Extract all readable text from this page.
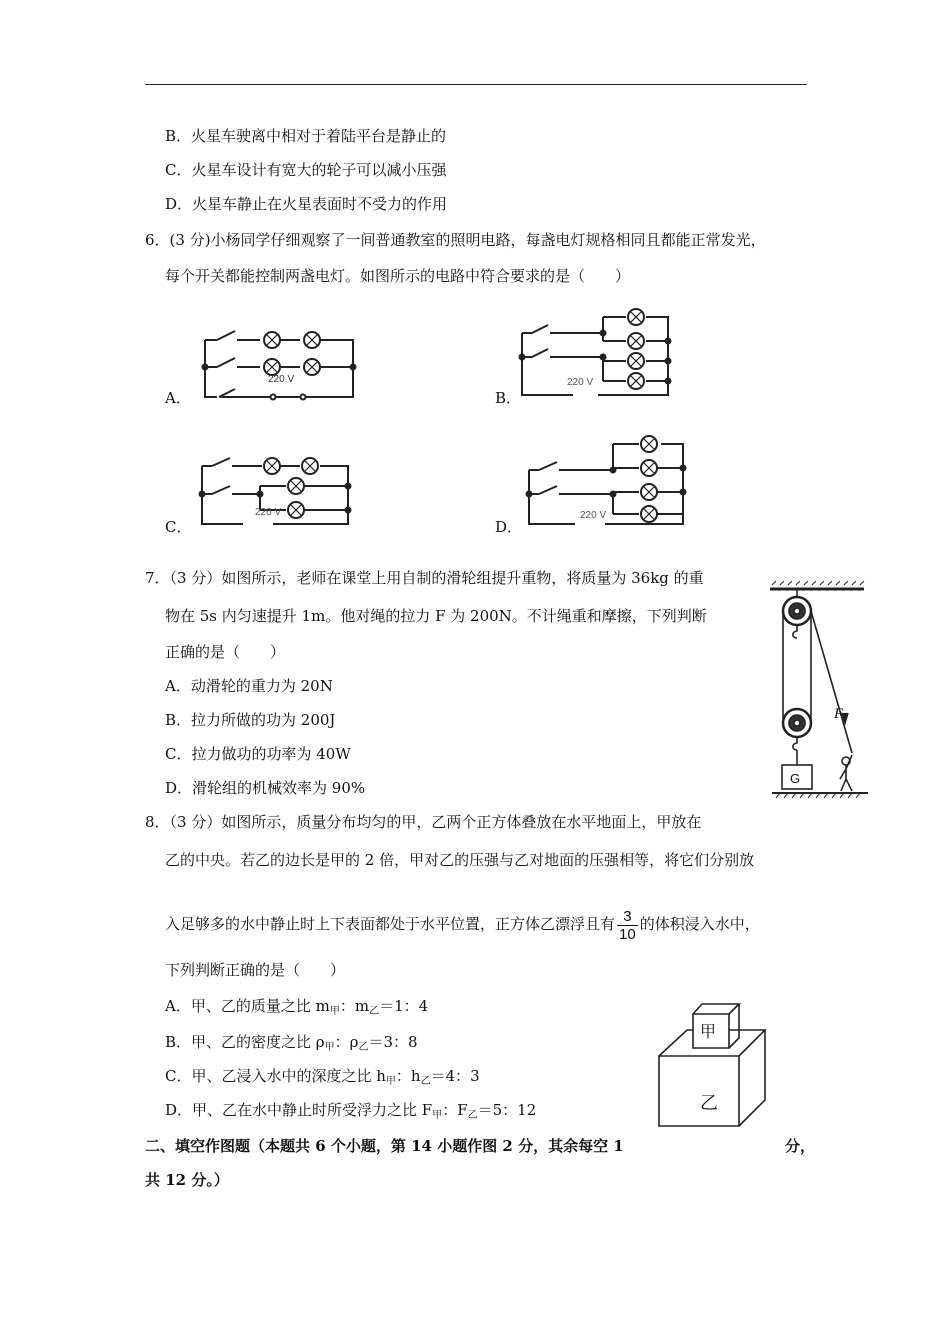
B．火星车驶离中相对于着陆平台是静止的
C．火星车设计有宽大的轮子可以减小压强
D．火星车静止在火星表面时不受力的作用
6．(3 分)小杨同学仔细观察了一间普通教室的照明电路，每盏电灯规格相同且都能正常发光，
每个开关都能控制两盏电灯。如图所示的电路中符合要求的是（　　）
A．	B．
C．	D．
220 V	220 V
220 V	220 V
7．（3 分）如图所示，老师在课堂上用自制的滑轮组提升重物，将质量为 36kg 的重
物在 5s 内匀速提升 1m。他对绳的拉力 F 为 200N。不计绳重和摩擦，下列判断
正确的是（　　）
A．动滑轮的重力为 20N
B．拉力所做的功为 200J
C．拉力做功的功率为 40W
D．滑轮组的机械效率为 90%
F
G
8．（3 分）如图所示，质量分布均匀的甲，乙两个正方体叠放在水平地面上，甲放在
乙的中央。若乙的边长是甲的 2 倍，甲对乙的压强与乙对地面的压强相等，将它们分别放
入足够多的水中静止时上下表面都处于水平位置，正方体乙漂浮且有 $\frac{3}{10}$ 的体积浸入水中，
下列判断正确的是（　　）
A．甲、乙的质量之比 $m_甲$：$m_乙=1$：4
B．甲、乙的密度之比 $\rho_甲$：$\rho_乙=3$：8
C．甲、乙浸入水中的深度之比 $h_甲$：$h_乙=4$：3
D．甲、乙在水中静止时所受浮力之比 $F_甲$：$F_乙=5$：12
甲
乙
二、填空作图题（本题共 6 个小题，第 14 小题作图 2 分，其余每空 1	分，
共 12 分。）
